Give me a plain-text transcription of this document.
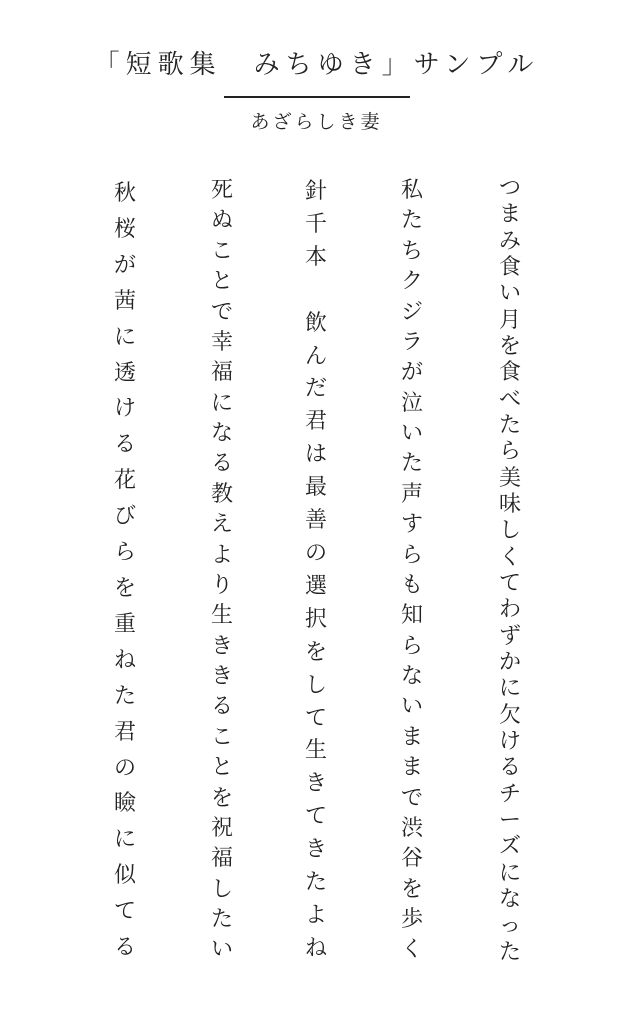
「短歌集　みちゆき」サンプル
あざらしき妻
つ
ま
み
食
い
月
を
食
べ
た
ら
美
味
し
く
て
わ
ず
か
に
欠
け
る
チ
ー
ズ
に
な
っ
た
私
た
ち
ク
ジ
ラ
が
泣
い
た
声
す
ら
も
知
ら
な
い
ま
ま
で
渋
谷
を
歩
く
針
千
本

飲
ん
だ
君
は
最
善
の
選
択
を
し
て
生
き
て
き
た
よ
ね
死
ぬ
こ
と
で
幸
福
に
な
る
教
え
よ
り
生
き
き
る
こ
と
を
祝
福
し
た
い
秋
桜
が
茜
に
透
け
る
花
び
ら
を
重
ね
た
君
の
瞼
に
似
て
る
